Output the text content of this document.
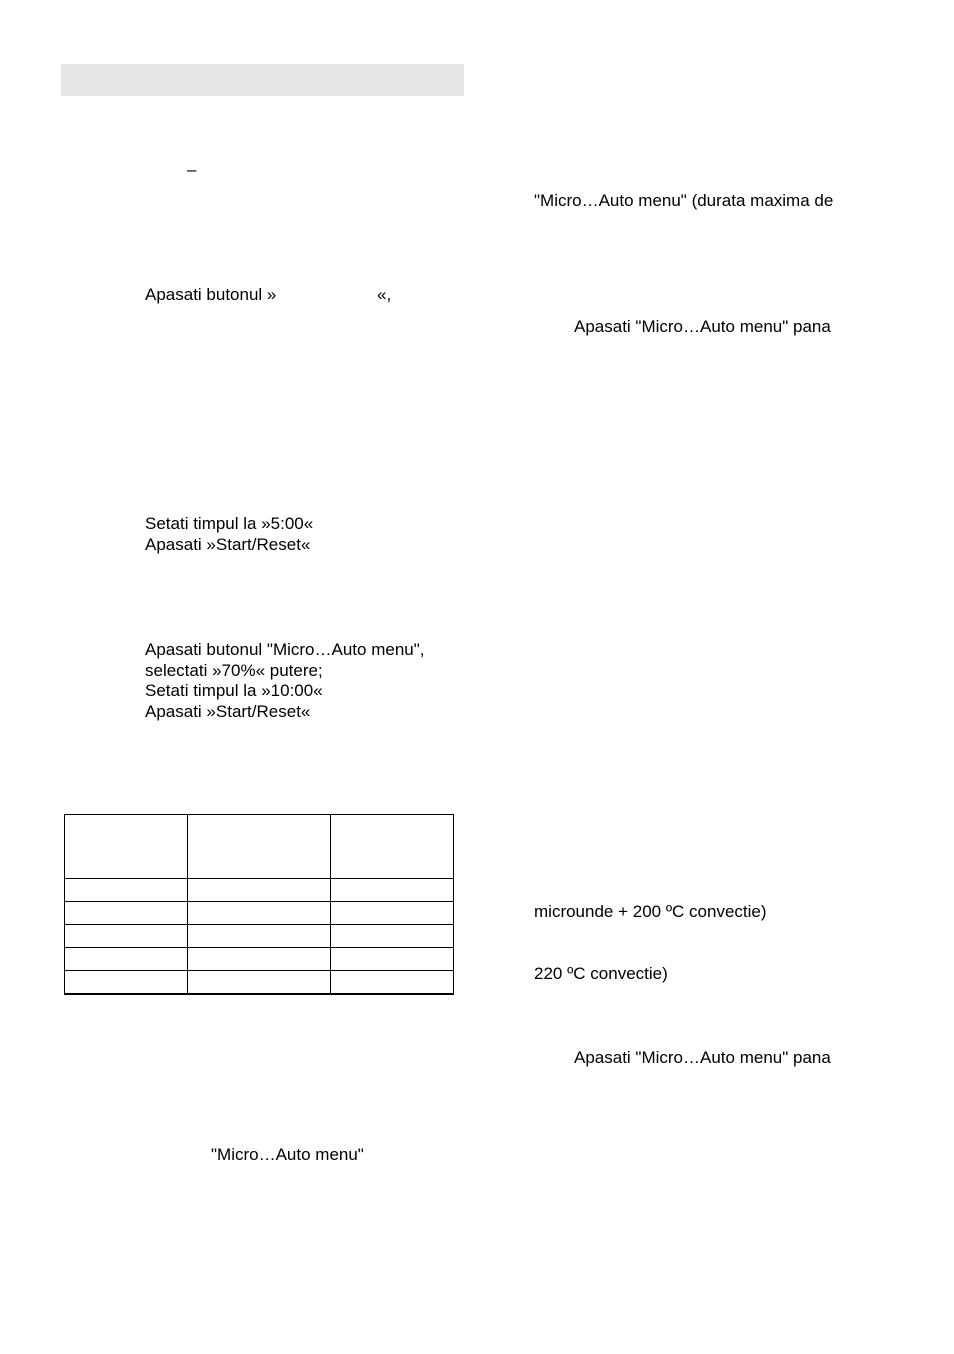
–

Apasati butonul »	«,

Setati timpul la »5:00«
Apasati »Start/Reset«
Apasati butonul "Micro…Auto menu",
selectati »70%« putere;
Setati timpul la »10:00«
Apasati »Start/Reset«

"Micro…Auto menu"

"Micro…Auto menu" (durata maxima de

Apasati "Micro…Auto menu" pana

microunde + 200 ºC convectie)

220 ºC convectie)

Apasati "Micro…Auto menu" pana
